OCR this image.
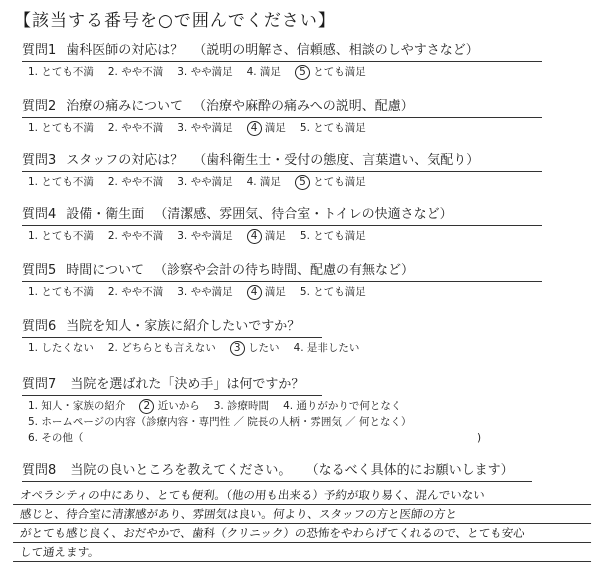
【該当する番号を○で囲んでください】
質問1 歯科医師の対応は？ （説明の明解さ、信頼感、相談のしやすさなど）
1. とても不満 2. やや不満 3. やや満足 4. 満足 5 とても満足
質問2 治療の痛みについて （治療や麻酔の痛みへの説明、配慮）
1. とても不満 2. やや不満 3. やや満足 4 満足 5. とても満足
質問3 スタッフの対応は？ （歯科衛生士・受付の態度、言葉遣い、気配り）
1. とても不満 2. やや不満 3. やや満足 4. 満足 5 とても満足
質問4 設備・衛生面 （清潔感、雰囲気、待合室・トイレの快適さなど）
1. とても不満 2. やや不満 3. やや満足 4 満足 5. とても満足
質問5 時間について （診察や会計の待ち時間、配慮の有無など）
1. とても不満 2. やや不満 3. やや満足 4 満足 5. とても満足
質問6 当院を知人・家族に紹介したいですか？
1. したくない 2. どちらとも言えない 3 したい 4. 是非したい
質問7 当院を選ばれた「決め手」は何ですか？
1. 知人・家族の紹介 2 近いから 3. 診療時間 4. 通りがかりで何となく
5. ホームページの内容（診療内容・専門性 ／ 院長の人柄・雰囲気 ／ 何となく）
6. その他（	)
質問8 当院の良いところを教えてください。 （なるべく具体的にお願いします）
オペラシティの中にあり、とても便利。（他の用も出来る）予約が取り易く、混んでいない
感じと、待合室に清潔感があり、雰囲気は良い。何より、スタッフの方と医師の方と
がとても感じ良く、おだやかで、歯科（クリニック）の恐怖をやわらげてくれるので、とても安心
して通えます。
